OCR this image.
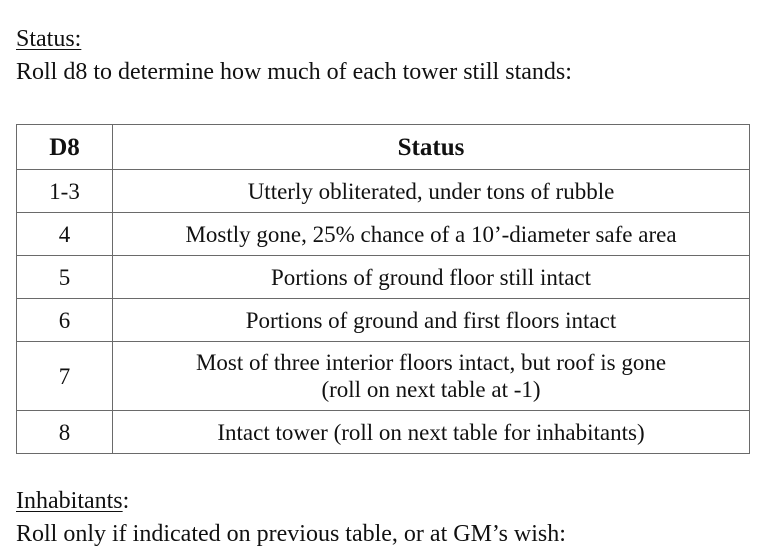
Status:
Roll d8 to determine how much of each tower still stands:
D8	Status
1-3	Utterly obliterated, under tons of rubble
4	Mostly gone, 25% chance of a 10’-diameter safe area
5	Portions of ground floor still intact
6	Portions of ground and first floors intact
7	Most of three interior floors intact, but roof is gone
(roll on next table at -1)
8	Intact tower (roll on next table for inhabitants)
Inhabitants:
Roll only if indicated on previous table, or at GM’s wish:
